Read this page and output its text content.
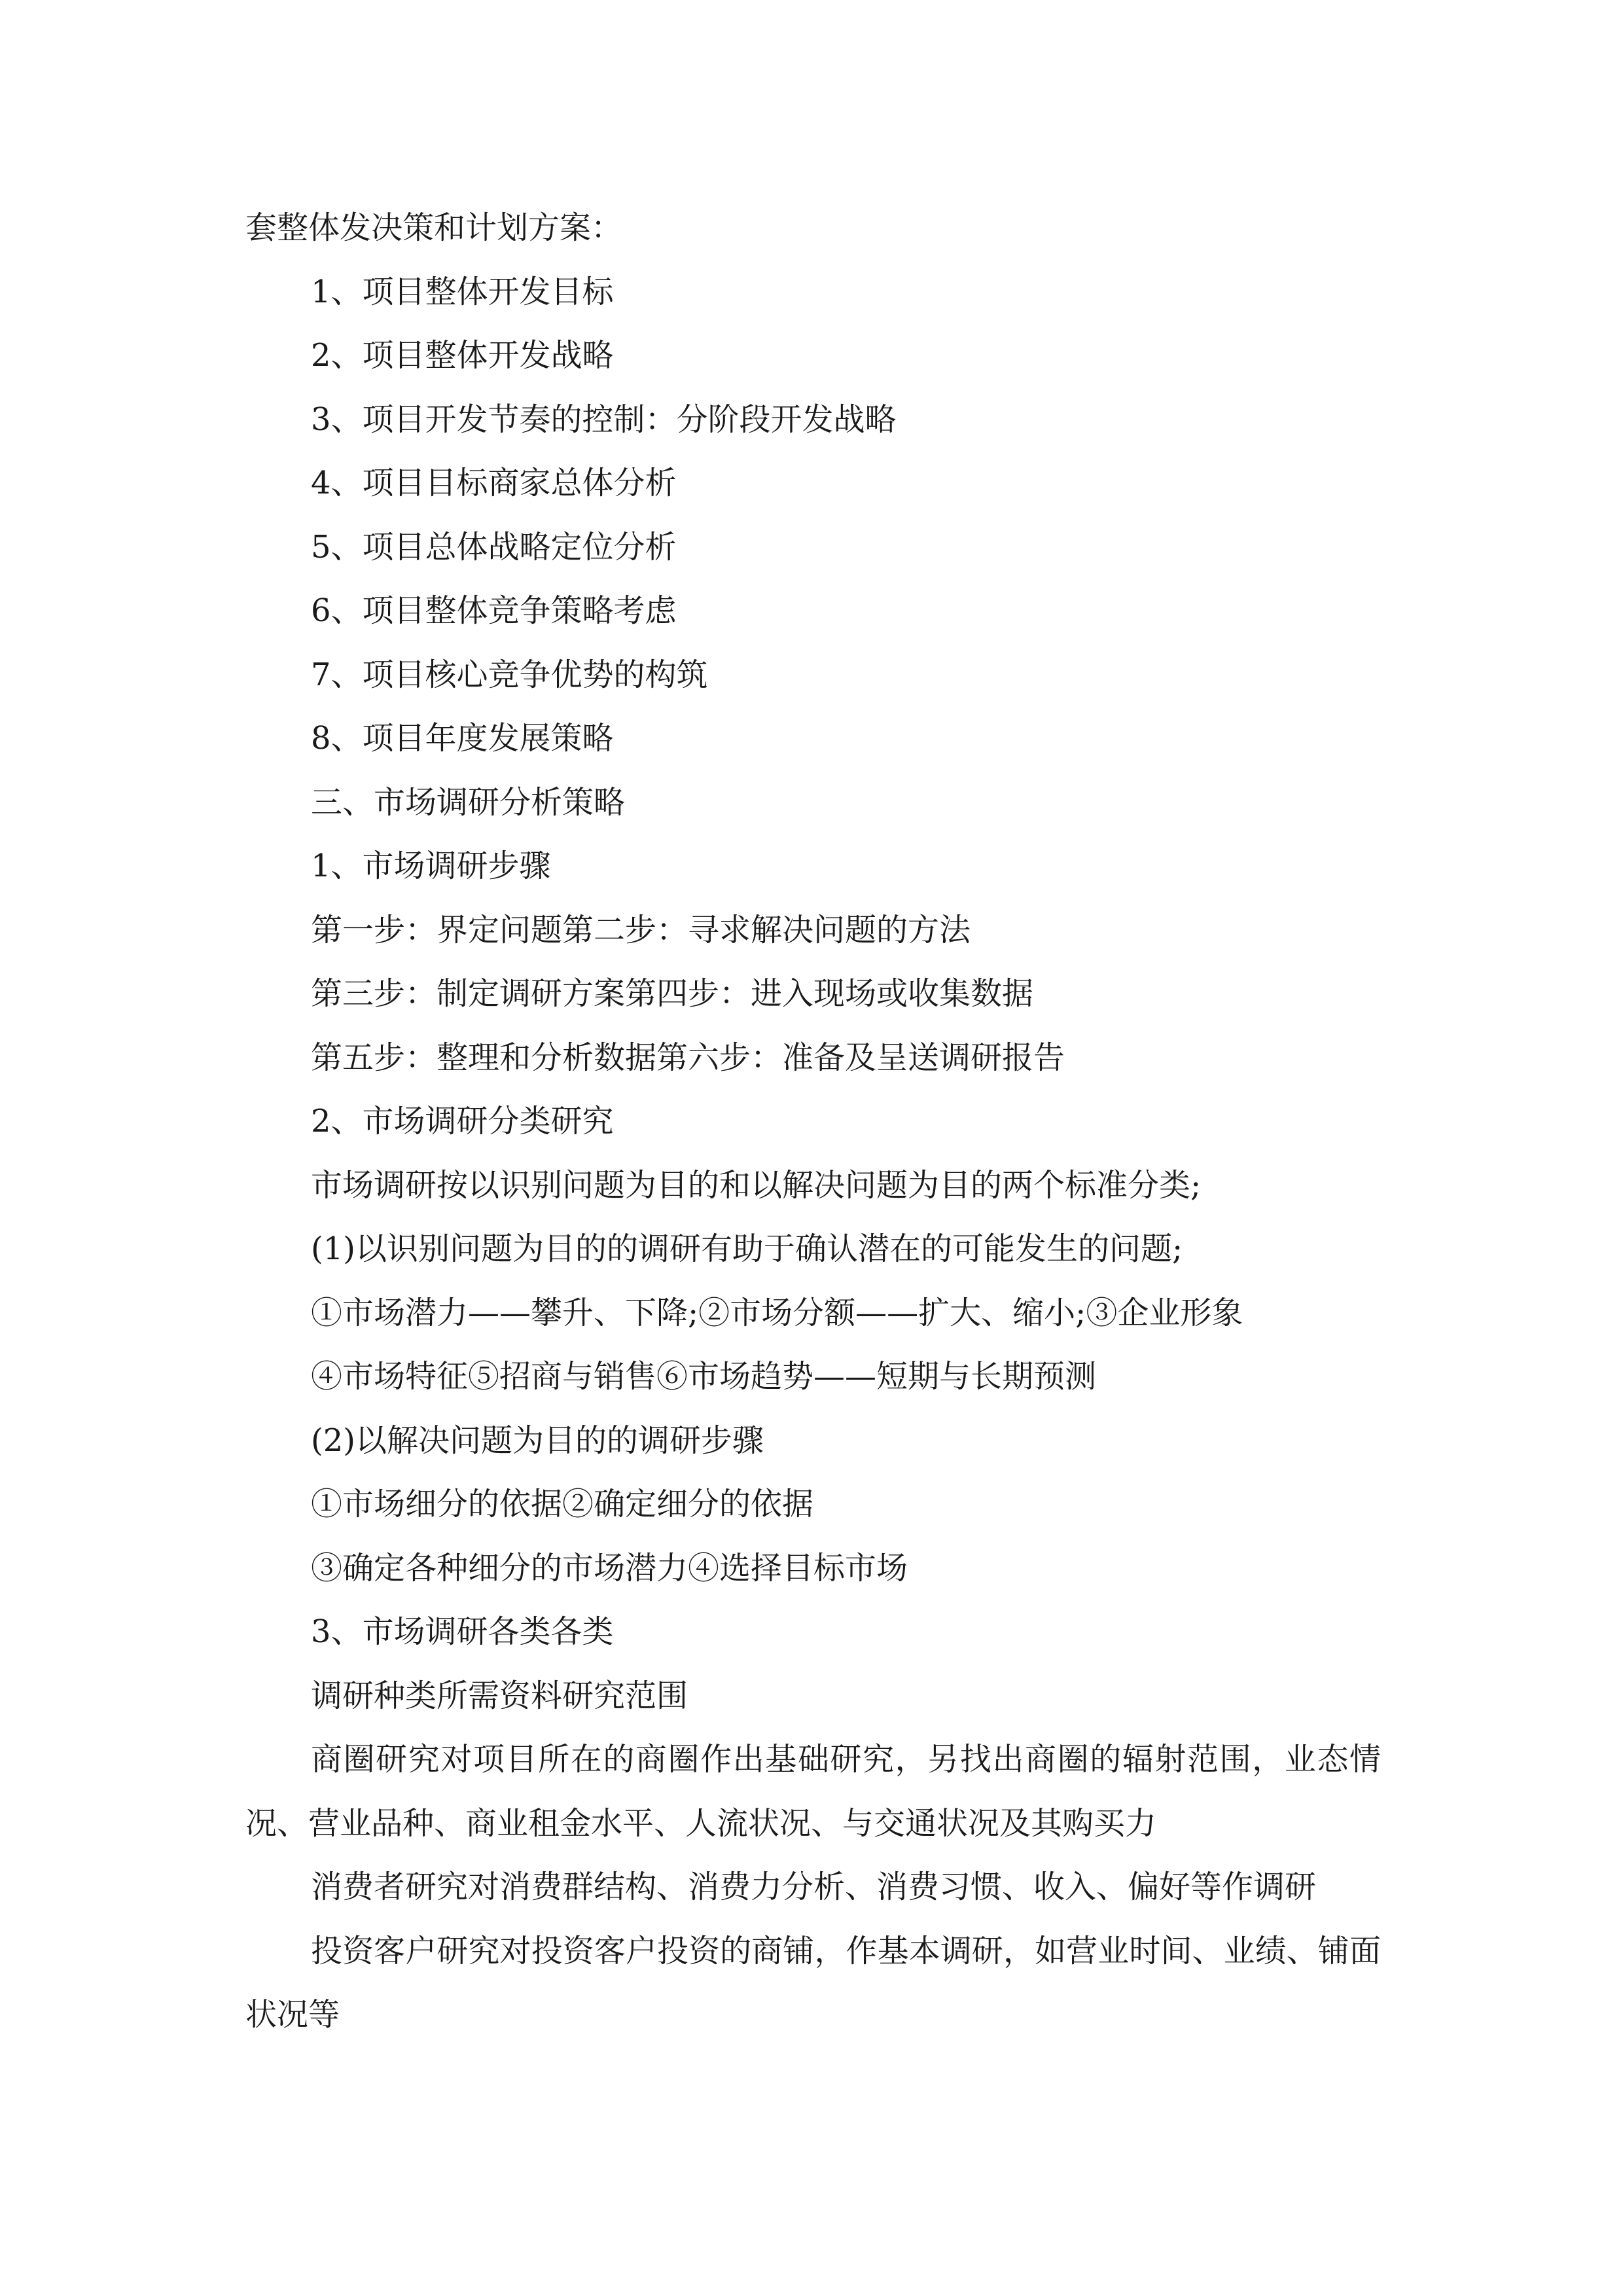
套整体发决策和计划方案：
1、项目整体开发目标
2、项目整体开发战略
3、项目开发节奏的控制：分阶段开发战略
4、项目目标商家总体分析
5、项目总体战略定位分析
6、项目整体竞争策略考虑
7、项目核心竞争优势的构筑
8、项目年度发展策略
三、市场调研分析策略
1、市场调研步骤
第一步：界定问题第二步：寻求解决问题的方法
第三步：制定调研方案第四步：进入现场或收集数据
第五步：整理和分析数据第六步：准备及呈送调研报告
2、市场调研分类研究
市场调研按以识别问题为目的和以解决问题为目的两个标准分类;
(1)以识别问题为目的的调研有助于确认潜在的可能发生的问题;
①市场潜力——攀升、下降;②市场分额——扩大、缩小;③企业形象
④市场特征⑤招商与销售⑥市场趋势——短期与长期预测
(2)以解决问题为目的的调研步骤
①市场细分的依据②确定细分的依据
③确定各种细分的市场潜力④选择目标市场
3、市场调研各类各类
调研种类所需资料研究范围
商圈研究对项目所在的商圈作出基础研究，另找出商圈的辐射范围，业态情况、营业品种、商业租金水平、人流状况、与交通状况及其购买力
消费者研究对消费群结构、消费力分析、消费习惯、收入、偏好等作调研
投资客户研究对投资客户投资的商铺，作基本调研，如营业时间、业绩、铺面状况等
